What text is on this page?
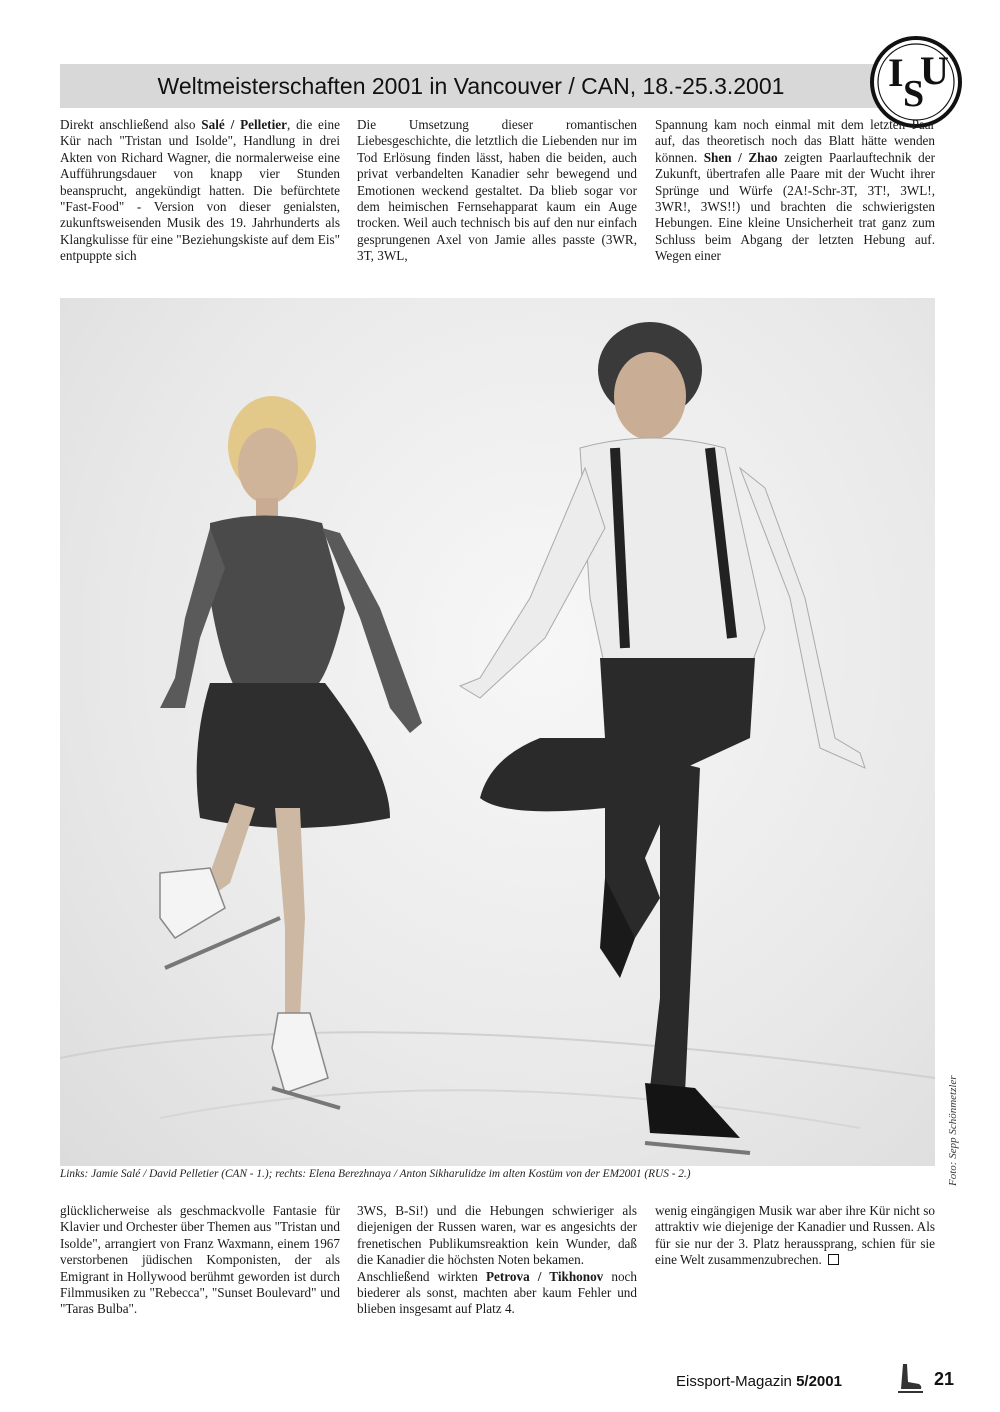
Weltmeisterschaften 2001 in Vancouver / CAN, 18.-25.3.2001	I S
U

Direkt anschließend also Salé / Pelletier, die eine Kür nach "Tristan und Isolde", Handlung in drei Akten von Richard Wagner, die normalerweise eine Aufführungsdauer von knapp vier Stunden beansprucht, angekündigt hatten. Die befürchtete "Fast-Food" - Version von dieser genialsten, zukunftsweisenden Musik des 19. Jahrhunderts als Klangkulisse für eine "Beziehungskiste auf dem Eis" entpuppte sich

Die Umsetzung dieser romantischen Liebesgeschichte, die letztlich die Liebenden nur im Tod Erlösung finden lässt, haben die beiden, auch privat verbandelten Kanadier sehr bewegend und Emotionen weckend gestaltet. Da blieb sogar vor dem heimischen Fernsehapparat kaum ein Auge trocken. Weil auch technisch bis auf den nur einfach gesprungenen Axel von Jamie alles passte (3WR, 3T, 3WL,

Spannung kam noch einmal mit dem letzten Paar auf, das theoretisch noch das Blatt hätte wenden können. Shen / Zhao zeigten Paarlauftechnik der Zukunft, übertrafen alle Paare mit der Wucht ihrer Sprünge und Würfe (2A!-Schr-3T, 3T!, 3WL!, 3WR!, 3WS!!) und brachten die schwierigsten Hebungen. Eine kleine Unsicherheit trat ganz zum Schluss beim Abgang der letzten Hebung auf. Wegen einer

Foto: Sepp Schönmetzler
Links: Jamie Salé / David Pelletier (CAN - 1.); rechts: Elena Berezhnaya / Anton Sikharulidze im alten Kostüm von der EM2001 (RUS - 2.)

glücklicherweise als geschmackvolle Fantasie für Klavier und Orchester über Themen aus "Tristan und Isolde", arrangiert von Franz Waxmann, einem 1967 verstorbenen jüdischen Komponisten, der als Emigrant in Hollywood berühmt geworden ist durch Filmmusiken zu "Rebecca", "Sunset Boulevard" und "Taras Bulba".

3WS, B-Si!) und die Hebungen schwieriger als diejenigen der Russen waren, war es angesichts der frenetischen Publikumsreaktion kein Wunder, daß die Kanadier die höchsten Noten bekamen.

Anschließend wirkten Petrova / Tikhonov noch biederer als sonst, machten aber kaum Fehler und blieben insgesamt auf Platz 4.

wenig eingängigen Musik war aber ihre Kür nicht so attraktiv wie diejenige der Kanadier und Russen. Als für sie nur der 3. Platz heraussprang, schien für sie eine Welt zusammenzubrechen.

Eissport-Magazin 5/2001	21
